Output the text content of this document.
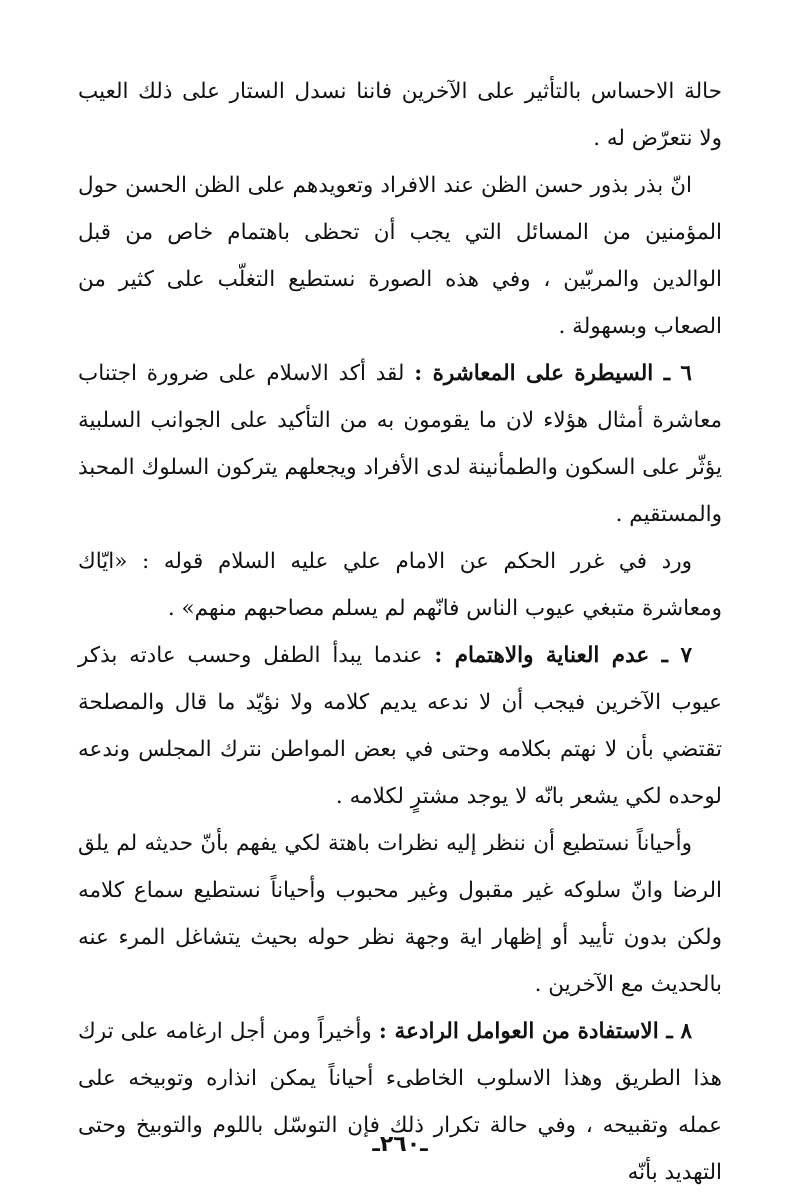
حالة الاحساس بالتأثير على الآخرين فاننا نسدل الستار على ذلك العيب ولا نتعرّض له .

انّ بذر بذور حسن الظن عند الافراد وتعويدهم على الظن الحسن حول المؤمنين من المسائل التي يجب أن تحظى باهتمام خاص من قبل الوالدين والمربّين ، وفي هذه الصورة نستطيع التغلّب على كثير من الصعاب وبسهولة .

٦ ـ السيطرة على المعاشرة : لقد أكد الاسلام على ضرورة اجتناب معاشرة أمثال هؤلاء لان ما يقومون به من التأكيد على الجوانب السلبية يؤثّر على السكون والطمأنينة لدى الأفراد ويجعلهم يتركون السلوك المحبذ والمستقيم .

ورد في غرر الحكم عن الامام علي عليه السلام قوله : «ايّاك ومعاشرة متبغي عيوب الناس فانّهم لم يسلم مصاحبهم منهم» .

٧ ـ عدم العناية والاهتمام : عندما يبدأ الطفل وحسب عادته بذكر عيوب الآخرين فيجب أن لا ندعه يديم كلامه ولا نؤيّد ما قال والمصلحة تقتضي بأن لا نهتم بكلامه وحتى في بعض المواطن نترك المجلس وندعه لوحده لكي يشعر بانّه لا يوجد مشترٍ لكلامه .

وأحياناً نستطيع أن ننظر إليه نظرات باهتة لكي يفهم بأنّ حديثه لم يلق الرضا وانّ سلوكه غير مقبول وغير محبوب وأحياناً نستطيع سماع كلامه ولكن بدون تأييد أو إظهار اية وجهة نظر حوله بحيث يتشاغل المرء عنه بالحديث مع الآخرين .

٨ ـ الاستفادة من العوامل الرادعة : وأخيراً ومن أجل ارغامه على ترك هذا الطريق وهذا الاسلوب الخاطىء أحياناً يمكن انذاره وتوبيخه على عمله وتقبيحه ، وفي حالة تكرار ذلك فإن التوسّل باللوم والتوبيخ وحتى التهديد بأنّه

ـ٢٦٠ـ
